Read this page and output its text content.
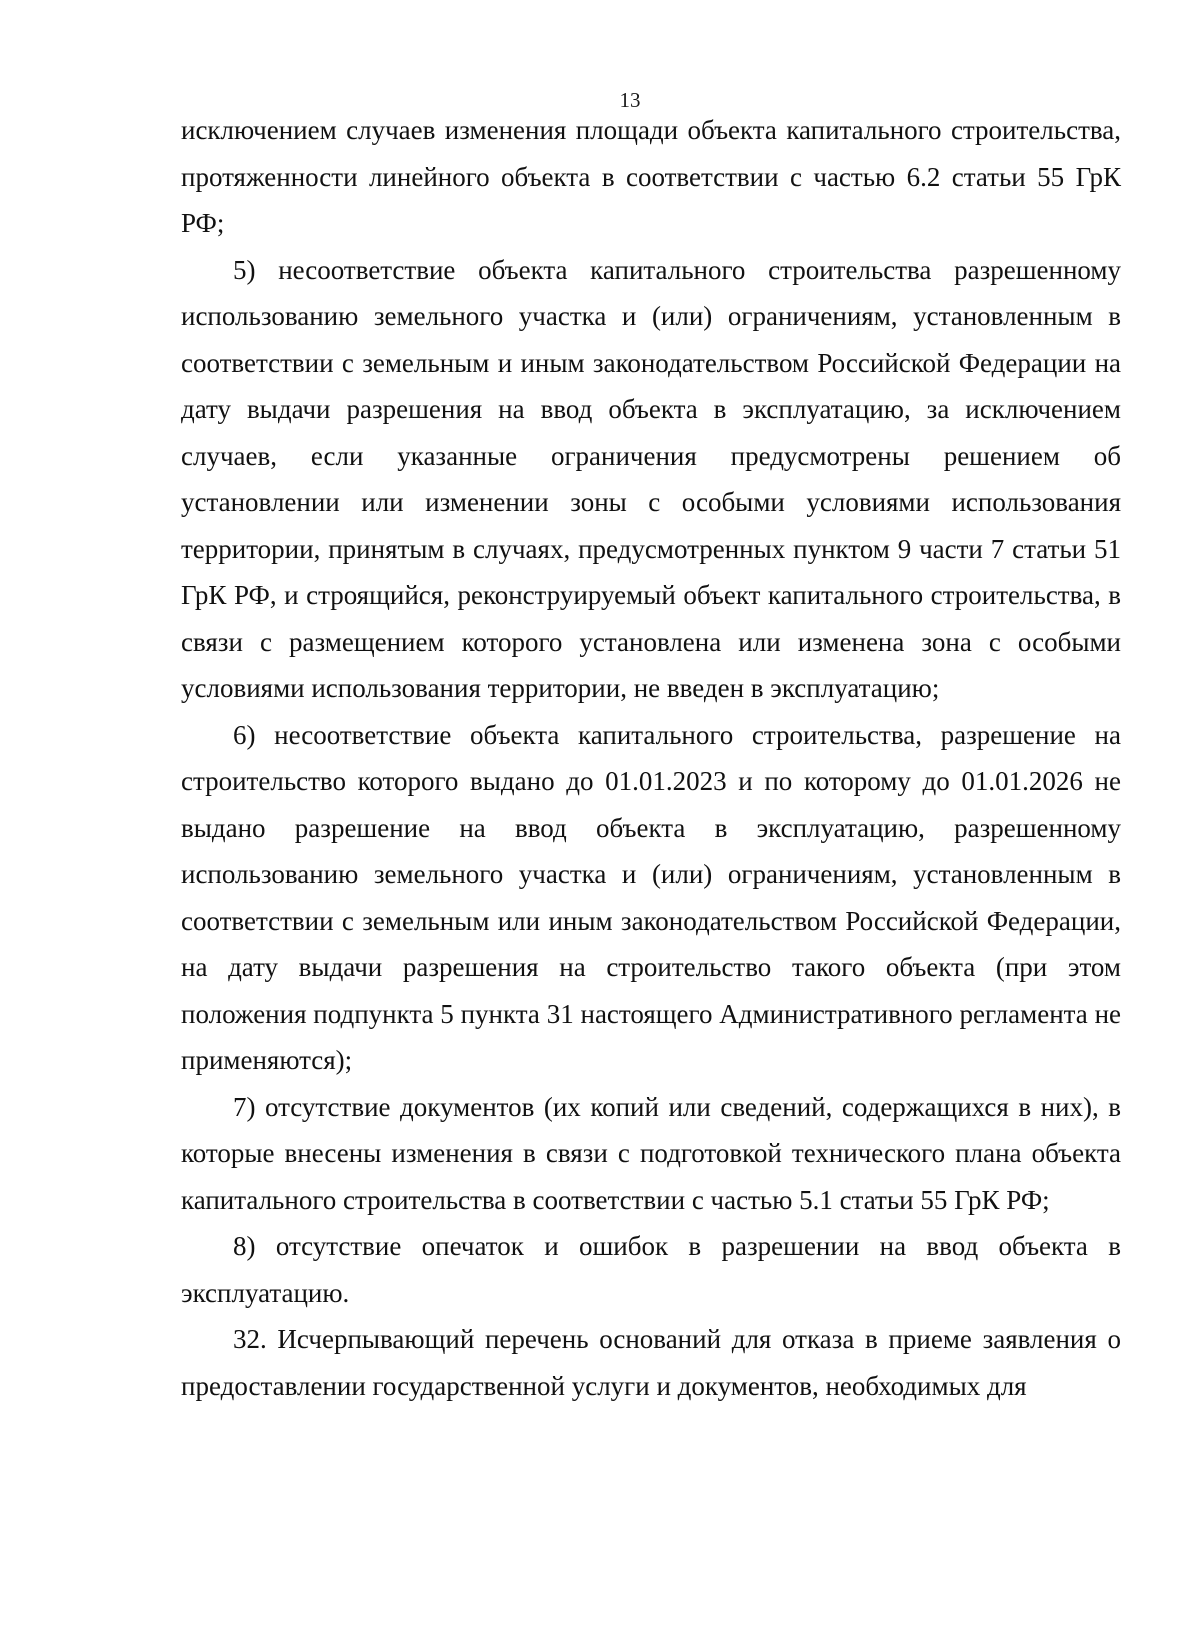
13

исключением случаев изменения площади объекта капитального строительства, протяженности линейного объекта в соответствии с частью 6.2 статьи 55 ГрК РФ;

5) несоответствие объекта капитального строительства разрешенному использованию земельного участка и (или) ограничениям, установленным в соответствии с земельным и иным законодательством Российской Федерации на дату выдачи разрешения на ввод объекта в эксплуатацию, за исключением случаев, если указанные ограничения предусмотрены решением об установлении или изменении зоны с особыми условиями использования территории, принятым в случаях, предусмотренных пунктом 9 части 7 статьи 51 ГрК РФ, и строящийся, реконструируемый объект капитального строительства, в связи с размещением которого установлена или изменена зона с особыми условиями использования территории, не введен в эксплуатацию;

6) несоответствие объекта капитального строительства, разрешение на строительство которого выдано до 01.01.2023 и по которому до 01.01.2026 не выдано разрешение на ввод объекта в эксплуатацию, разрешенному использованию земельного участка и (или) ограничениям, установленным в соответствии с земельным или иным законодательством Российской Федерации, на дату выдачи разрешения на строительство такого объекта (при этом положения подпункта 5 пункта 31 настоящего Административного регламента не применяются);

7) отсутствие документов (их копий или сведений, содержащихся в них), в которые внесены изменения в связи с подготовкой технического плана объекта капитального строительства в соответствии с частью 5.1 статьи 55 ГрК РФ;

8) отсутствие опечаток и ошибок в разрешении на ввод объекта в эксплуатацию.

32. Исчерпывающий перечень оснований для отказа в приеме заявления о предоставлении государственной услуги и документов, необходимых для
